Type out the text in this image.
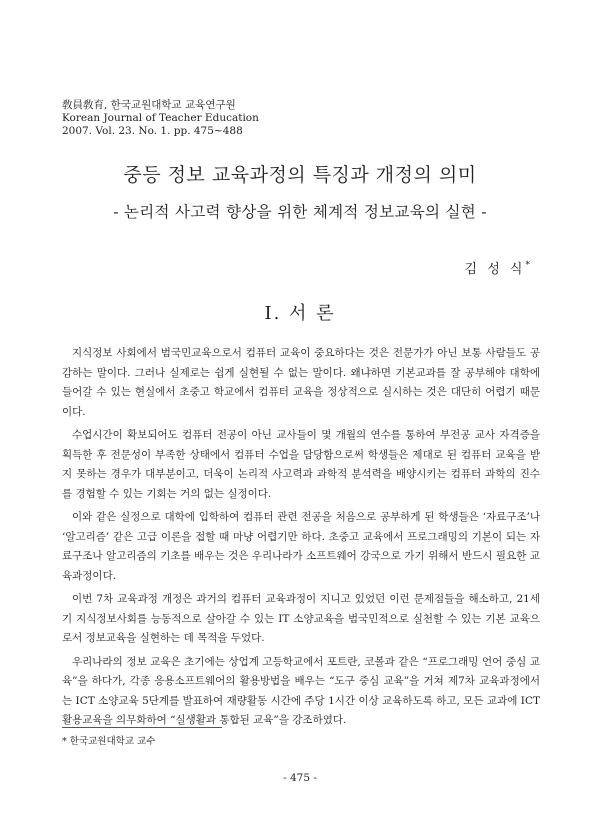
敎員敎育, 한국교원대학교 교육연구원
Korean Journal of Teacher Education
2007. Vol. 23. No. 1. pp. 475∼488
중등 정보 교육과정의 특징과 개정의 의미
- 논리적 사고력 향상을 위한 체계적 정보교육의 실현 -
김 성 식*
Ⅰ. 서 론

지식정보 사회에서 범국민교육으로서 컴퓨터 교육이 중요하다는 것은 전문가가 아닌 보통 사람들도 공감하는 말이다. 그러나 실제로는 쉽게 실현될 수 없는 말이다. 왜냐하면 기본교과를 잘 공부해야 대학에 들어갈 수 있는 현실에서 초중고 학교에서 컴퓨터 교육을 정상적으로 실시하는 것은 대단히 어렵기 때문이다.

수업시간이 확보되어도 컴퓨터 전공이 아닌 교사들이 몇 개월의 연수를 통하여 부전공 교사 자격증을 획득한 후 전문성이 부족한 상태에서 컴퓨터 수업을 담당함으로써 학생들은 제대로 된 컴퓨터 교육을 받지 못하는 경우가 대부분이고, 더욱이 논리적 사고력과 과학적 분석력을 배양시키는 컴퓨터 과학의 진수를 경험할 수 있는 기회는 거의 없는 실정이다.

이와 같은 실정으로 대학에 입학하여 컴퓨터 관련 전공을 처음으로 공부하게 된 학생들은 ‘자료구조’나 ‘알고리즘’ 같은 고급 이론을 접할 때 마냥 어렵기만 하다. 초중고 교육에서 프로그래밍의 기본이 되는 자료구조나 알고리즘의 기초를 배우는 것은 우리나라가 소프트웨어 강국으로 가기 위해서 반드시 필요한 교육과정이다.

이번 7차 교육과정 개정은 과거의 컴퓨터 교육과정이 지니고 있었던 이런 문제점들을 해소하고, 21세기 지식정보사회를 능동적으로 살아갈 수 있는 IT 소양교육을 범국민적으로 실천할 수 있는 기본 교육으로서 정보교육을 실현하는 데 목적을 두었다.

우리나라의 정보 교육은 초기에는 상업계 고등학교에서 포트란, 코볼과 같은 “프로그래밍 언어 중심 교육”을 하다가, 각종 응용소프트웨어의 활용방법을 배우는 “도구 중심 교육”을 거쳐 제7차 교육과정에서는 ICT 소양교육 5단계를 발표하여 재량활동 시간에 주당 1시간 이상 교육하도록 하고, 모든 교과에 ICT 활용교육을 의무화하여 “실생활과 통합된 교육”을 강조하였다.

* 한국교원대학교 교수
- 475 -
